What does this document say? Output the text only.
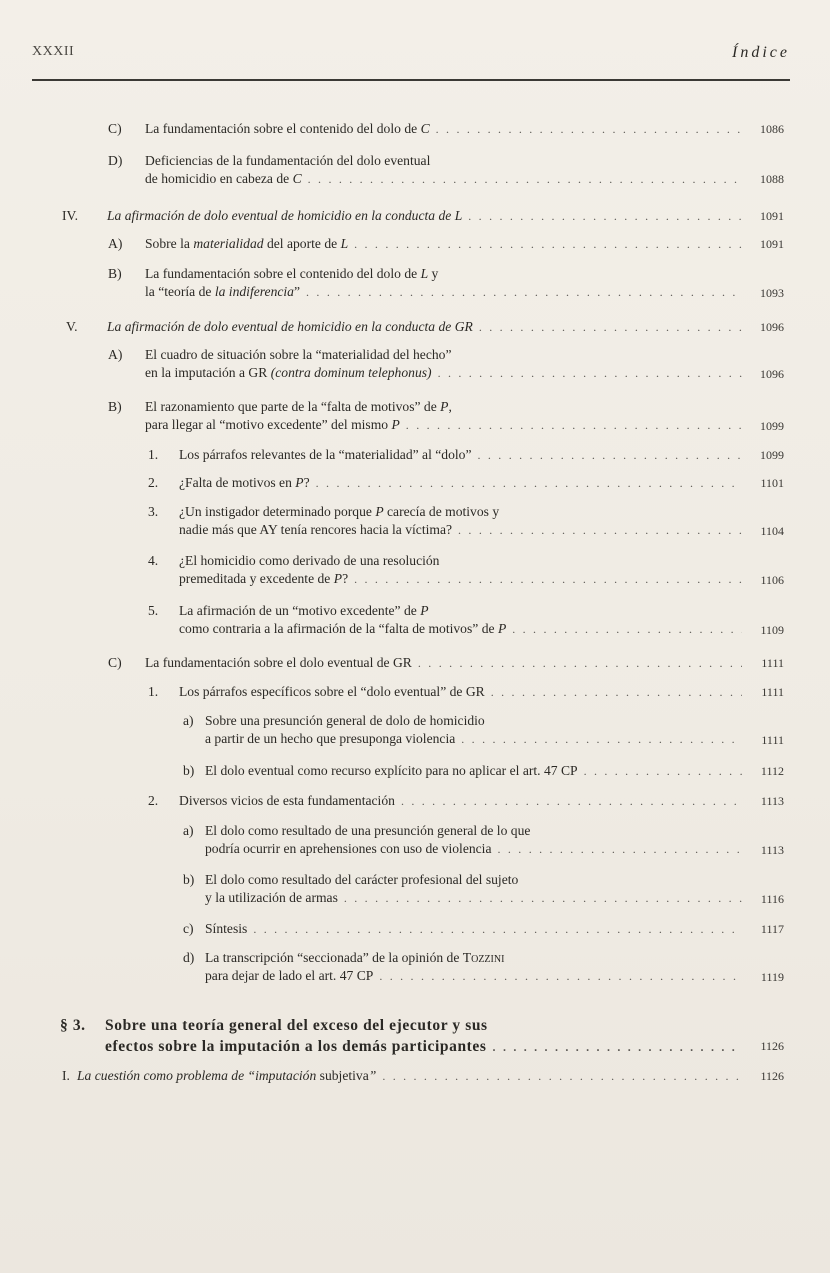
XXXII	Índice
C) La fundamentación sobre el contenido del dolo de C . . .	1086
D) Deficiencias de la fundamentación del dolo eventual
de homicidio en cabeza de C . . .	1088
IV. La afirmación de dolo eventual de homicidio en la conducta de L . . .	1091
A) Sobre la materialidad del aporte de L . . .	1091
B) La fundamentación sobre el contenido del dolo de L y
la “teoría de la indiferencia” . . .	1093
V. La afirmación de dolo eventual de homicidio en la conducta de GR . . .	1096
A) El cuadro de situación sobre la “materialidad del hecho”
en la imputación a GR (contra dominum telephonus) . . .	1096
B) El razonamiento que parte de la “falta de motivos” de P,
para llegar al “motivo excedente” del mismo P . . .	1099
1. Los párrafos relevantes de la “materialidad” al “dolo” . . .	1099
2. ¿Falta de motivos en P? . . .	1101
3. ¿Un instigador determinado porque P carecía de motivos y
nadie más que AY tenía rencores hacia la víctima? . . .	1104
4. ¿El homicidio como derivado de una resolución
premeditada y excedente de P? . . .	1106
5. La afirmación de un “motivo excedente” de P
como contraria a la afirmación de la “falta de motivos” de P . . .	1109
C) La fundamentación sobre el dolo eventual de GR . . .	1111
1. Los párrafos específicos sobre el “dolo eventual” de GR . . .	1111
a) Sobre una presunción general de dolo de homicidio
a partir de un hecho que presuponga violencia . . .	1111
b) El dolo eventual como recurso explícito para no aplicar el art. 47 CP . . .	1112
2. Diversos vicios de esta fundamentación . . .	1113
a) El dolo como resultado de una presunción general de lo que
podría ocurrir en aprehensiones con uso de violencia . . .	1113
b) El dolo como resultado del carácter profesional del sujeto
y la utilización de armas . . .	1116
c) Síntesis . . .	1117
d) La transcripción “seccionada” de la opinión de Tozzini
para dejar de lado el art. 47 CP . . .	1119
§ 3. Sobre una teoría general del exceso del ejecutor y sus
efectos sobre la imputación a los demás participantes . . .	1126
I. La cuestión como problema de “imputación subjetiva” . . .	1126
